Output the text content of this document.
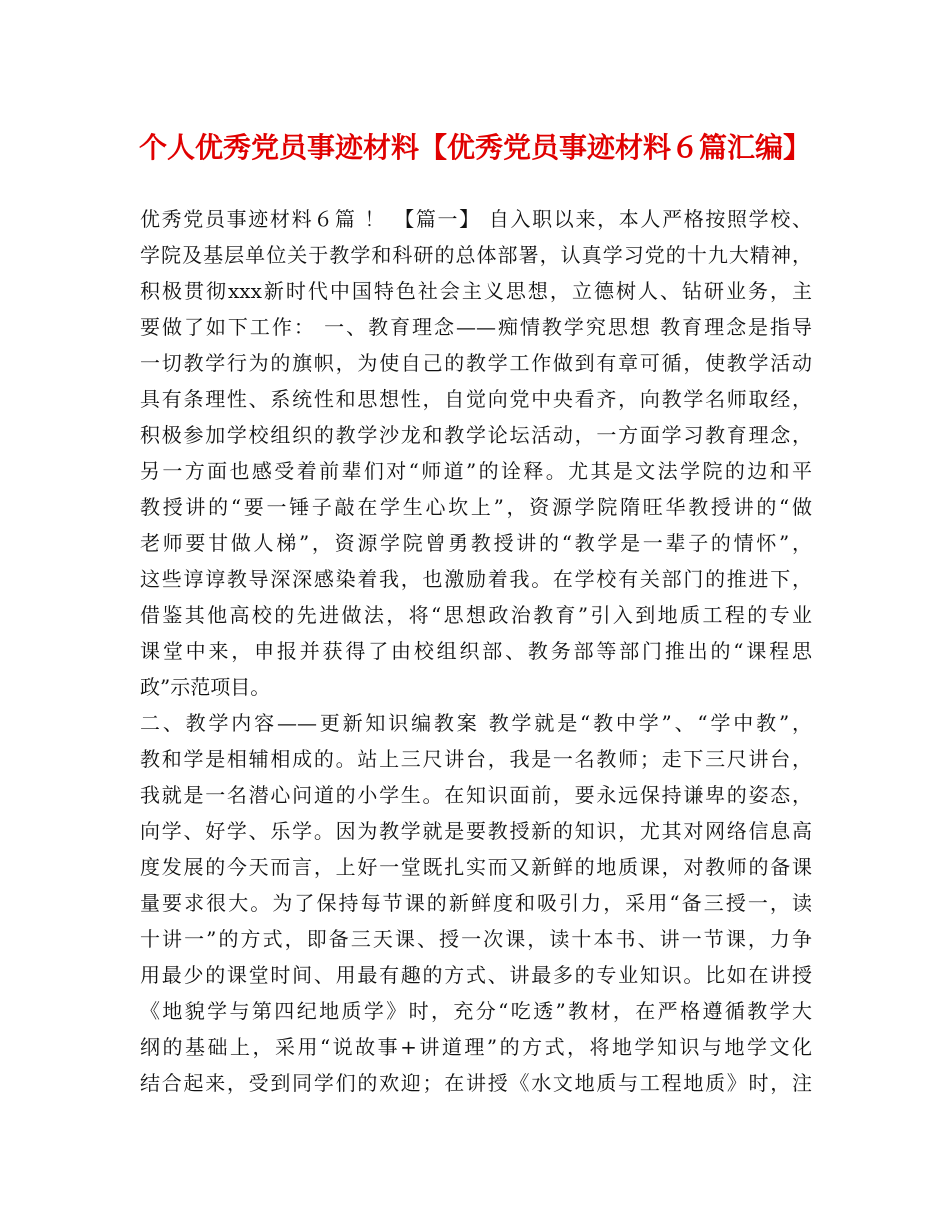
个人优秀党员事迹材料【优秀党员事迹材料６篇汇编】
优秀党员事迹材料６篇 ！ 【篇一】 自入职以来，本人严格按照学校、
学院及基层单位关于教学和科研的总体部署，认真学习党的十九大精神，
积极贯彻xxx新时代中国特色社会主义思想，立德树人、钻研业务，主
要做了如下工作： 一、教育理念——痴情教学究思想 教育理念是指导
一切教学行为的旗帜，为使自己的教学工作做到有章可循，使教学活动
具有条理性、系统性和思想性，自觉向党中央看齐，向教学名师取经，
积极参加学校组织的教学沙龙和教学论坛活动，一方面学习教育理念，
另一方面也感受着前辈们对“师道”的诠释。尤其是文法学院的边和平
教授讲的“要一锤子敲在学生心坎上”，资源学院隋旺华教授讲的“做
老师要甘做人梯”，资源学院曾勇教授讲的“教学是一辈子的情怀”，
这些谆谆教导深深感染着我，也激励着我。在学校有关部门的推进下，
借鉴其他高校的先进做法，将“思想政治教育”引入到地质工程的专业
课堂中来，申报并获得了由校组织部、教务部等部门推出的“课程思
政”示范项目。
二、教学内容——更新知识编教案 教学就是“教中学”、“学中教”，
教和学是相辅相成的。站上三尺讲台，我是一名教师；走下三尺讲台，
我就是一名潜心问道的小学生。在知识面前，要永远保持谦卑的姿态，
向学、好学、乐学。因为教学就是要教授新的知识，尤其对网络信息高
度发展的今天而言，上好一堂既扎实而又新鲜的地质课，对教师的备课
量要求很大。为了保持每节课的新鲜度和吸引力，采用“备三授一，读
十讲一”的方式，即备三天课、授一次课，读十本书、讲一节课，力争
用最少的课堂时间、用最有趣的方式、讲最多的专业知识。比如在讲授
《地貌学与第四纪地质学》时，充分“吃透”教材，在严格遵循教学大
纲的基础上，采用“说故事+讲道理”的方式，将地学知识与地学文化
结合起来，受到同学们的欢迎；在讲授《水文地质与工程地质》时，注
